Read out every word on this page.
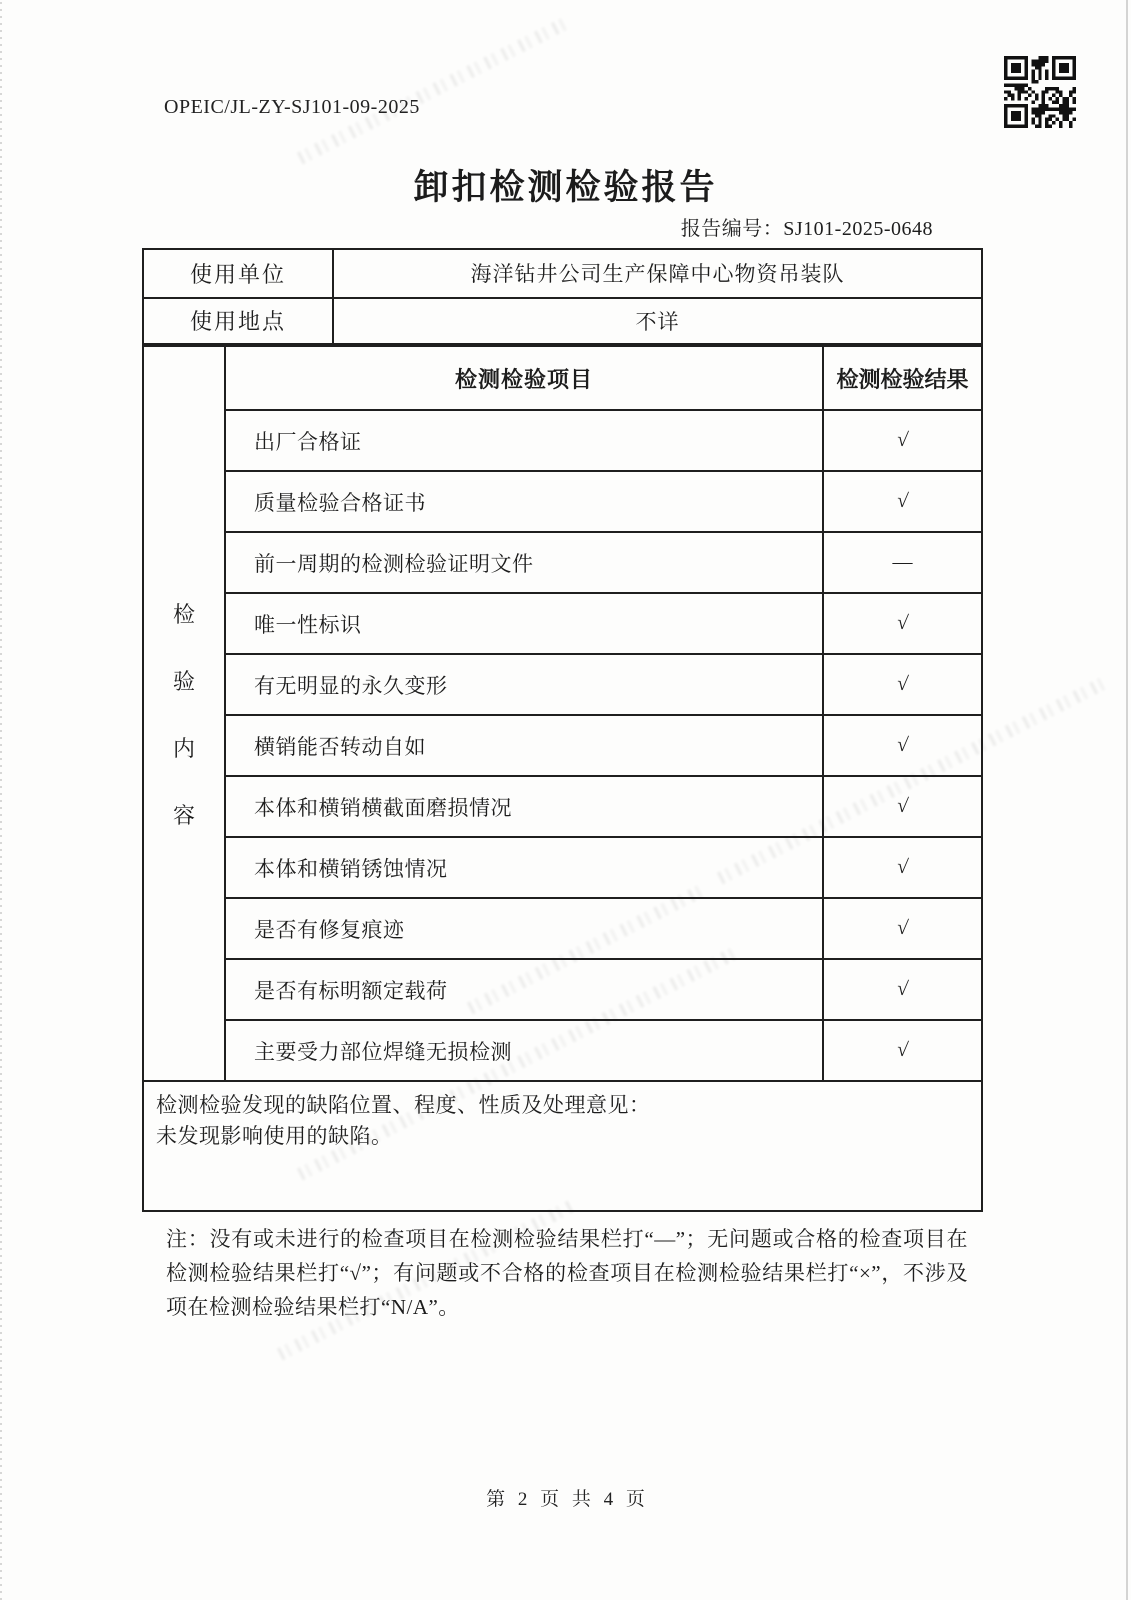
OPEIC/JL-ZY-SJ101-09-2025
卸扣检测检验报告
报告编号：SJ101-2025-0648
使用单位	海洋钻井公司生产保障中心物资吊装队
使用地点	不详
检
验
内
容
检测检验项目	检测检验结果
出厂合格证	√
质量检验合格证书	√
前一周期的检测检验证明文件	—
唯一性标识	√
有无明显的永久变形	√
横销能否转动自如	√
本体和横销横截面磨损情况	√
本体和横销锈蚀情况	√
是否有修复痕迹	√
是否有标明额定载荷	√
主要受力部位焊缝无损检测	√
检测检验发现的缺陷位置、程度、性质及处理意见：
未发现影响使用的缺陷。
注：没有或未进行的检查项目在检测检验结果栏打“—”；无问题或合格的检查项目在检测检验结果栏打“√”；有问题或不合格的检查项目在检测检验结果栏打“×”，不涉及项在检测检验结果栏打“N/A”。
第 2 页 共 4 页
